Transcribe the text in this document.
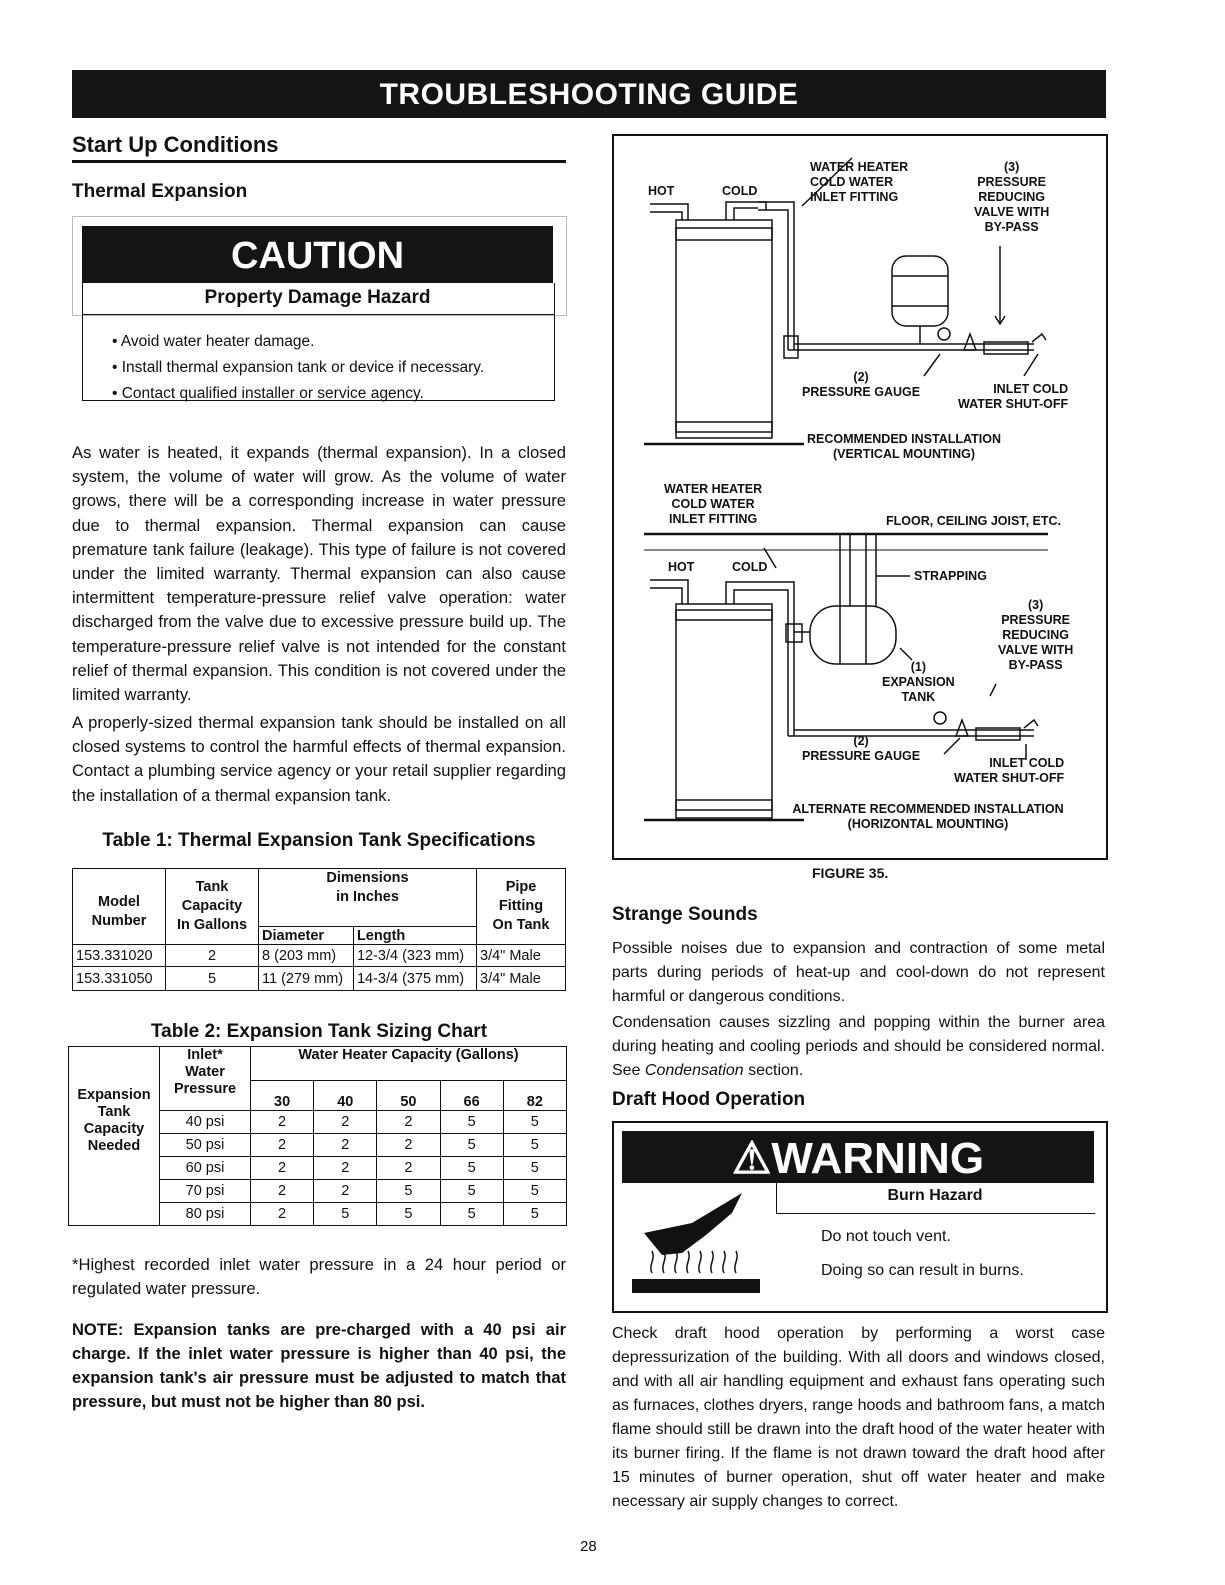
TROUBLESHOOTING GUIDE
Start Up Conditions
Thermal Expansion
CAUTION
Property Damage Hazard
• Avoid water heater damage.
• Install thermal expansion tank or device if necessary.
• Contact qualified installer or service agency.

As water is heated, it expands (thermal expansion). In a closed system, the volume of water will grow. As the volume of water grows, there will be a corresponding increase in water pressure due to thermal expansion. Thermal expansion can cause premature tank failure (leakage). This type of failure is not covered under the limited warranty. Thermal expansion can also cause intermittent temperature-pressure relief valve operation: water discharged from the valve due to excessive pressure build up. The temperature-pressure relief valve is not intended for the constant relief of thermal expansion. This condition is not covered under the limited warranty.

A properly-sized thermal expansion tank should be installed on all closed systems to control the harmful effects of thermal expansion. Contact a plumbing service agency or your retail supplier regarding the installation of a thermal expansion tank.

Table 1: Thermal Expansion Tank Specifications
Model
Number	Tank
Capacity
In Gallons	Dimensions
in Inches		Pipe
Fitting
On Tank
		Diameter	Length	
153.331020	2	8 (203 mm)	12-3/4 (323 mm)	3/4" Male
153.331050	5	11 (279 mm)	14-3/4 (375 mm)	3/4" Male
Table 2: Expansion Tank Sizing Chart
Expansion
Tank
Capacity
Needed	Inlet*
Water
Pressure	Water Heater Capacity (Gallons)				
		30	40	50	66	82
	40 psi	2	2	2	5	5
	50 psi	2	2	2	5	5
	60 psi	2	2	2	5	5
	70 psi	2	2	5	5	5
	80 psi	2	5	5	5	5

*Highest recorded inlet water pressure in a 24 hour period or regulated water pressure.

NOTE: Expansion tanks are pre-charged with a 40 psi air charge. If the inlet water pressure is higher than 40 psi, the expansion tank's air pressure must be adjusted to match that pressure, but must not be higher than 80 psi.

HOT	COLD
WATER HEATER
COLD WATER
INLET FITTING
(3)
PRESSURE
REDUCING
VALVE WITH
BY-PASS
(2)
PRESSURE GAUGE	INLET COLD
WATER SHUT-OFF
RECOMMENDED INSTALLATION
(VERTICAL MOUNTING)
WATER HEATER
COLD WATER
INLET FITTING	FLOOR, CEILING JOIST, ETC.
HOT	COLD
STRAPPING
(3)
PRESSURE
REDUCING
VALVE WITH
BY-PASS
(1)
EXPANSION
TANK
(2)
PRESSURE GAUGE	INLET COLD
WATER SHUT-OFF
ALTERNATE RECOMMENDED INSTALLATION
(HORIZONTAL MOUNTING)
FIGURE 35.
Strange Sounds

Possible noises due to expansion and contraction of some metal parts during periods of heat-up and cool-down do not represent harmful or dangerous conditions.

Condensation causes sizzling and popping within the burner area during heating and cooling periods and should be considered normal. See Condensation section.

Draft Hood Operation
⚠WARNING
Burn Hazard
Do not touch vent.
Doing so can result in burns.

Check draft hood operation by performing a worst case depressurization of the building. With all doors and windows closed, and with all air handling equipment and exhaust fans operating such as furnaces, clothes dryers, range hoods and bathroom fans, a match flame should still be drawn into the draft hood of the water heater with its burner firing. If the flame is not drawn toward the draft hood after 15 minutes of burner operation, shut off water heater and make necessary air supply changes to correct.

28
